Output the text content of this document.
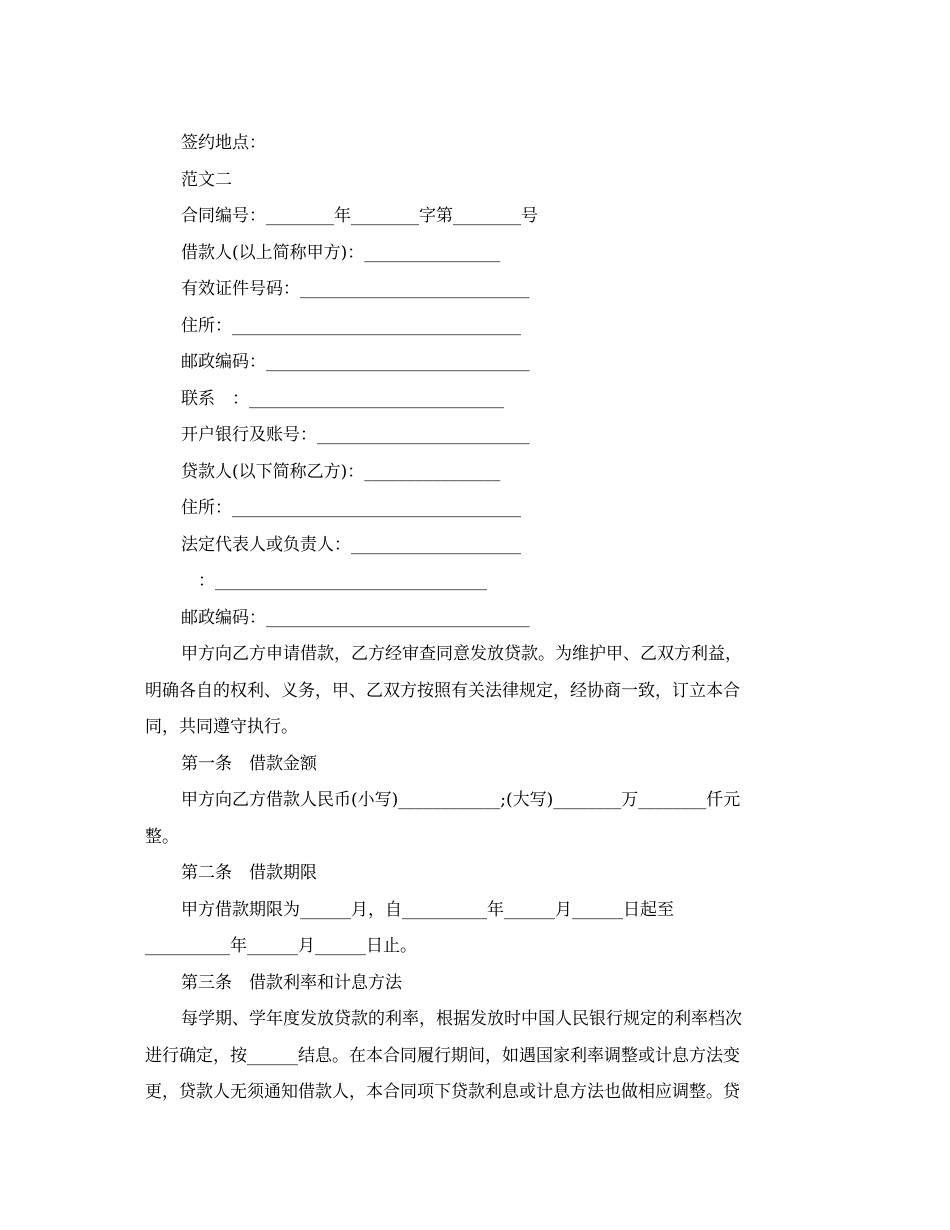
签约地点：
范文二
合同编号：________年________字第________号
借款人(以上简称甲方)：________________
有效证件号码：___________________________
住所：__________________________________
邮政编码：_______________________________
联系　：______________________________
开户银行及账号：_________________________
贷款人(以下简称乙方)：________________
住所：__________________________________
法定代表人或负责人：____________________
　：________________________________
邮政编码：_______________________________
甲方向乙方申请借款，乙方经审查同意发放贷款。为维护甲、乙双方利益，
明确各自的权利、义务，甲、乙双方按照有关法律规定，经协商一致，订立本合
同，共同遵守执行。
第一条　借款金额
甲方向乙方借款人民币(小写)____________;(大写)________万________仟元
整。
第二条　借款期限
甲方借款期限为______月，自__________年______月______日起至
__________年______月______日止。
第三条　借款利率和计息方法
每学期、学年度发放贷款的利率，根据发放时中国人民银行规定的利率档次
进行确定，按______结息。在本合同履行期间，如遇国家利率调整或计息方法变
更，贷款人无须通知借款人，本合同项下贷款利息或计息方法也做相应调整。贷
